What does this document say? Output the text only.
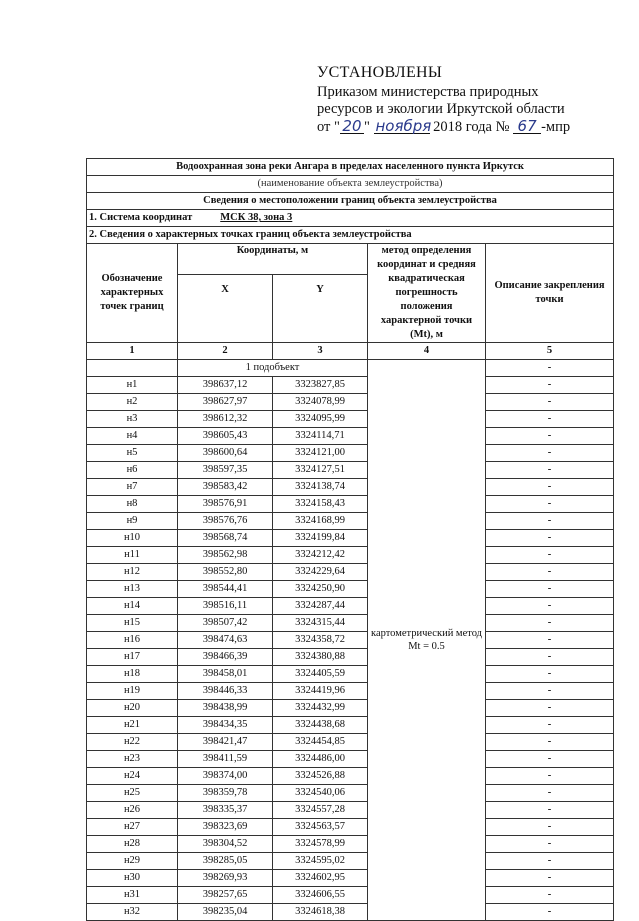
УСТАНОВЛЕНЫ
Приказом министерства природных
ресурсов и экологии Иркутской области
от " 20 " ноября 2018 года № 67 -мпр
Водоохранная зона реки Ангара в пределах населенного пункта Иркутск				
(наименование объекта землеустройства)				
Сведения о местоположении границ объекта землеустройства				
1. Система координат МСК 38, зона 3				
2. Сведения о характерных точках границ объекта землеустройства				
Обозначение характерных точек границ	Координаты, м		метод определения координат и средняя квадратическая погрешность положения характерной точки (Mt), м	Описание закрепления точки
	X	Y		
1	2	3	4	5
	1 подобъект		картометрический метод Mt = 0.5	-
н1	398637,12	3323827,85		-
н2	398627,97	3324078,99		-
н3	398612,32	3324095,99		-
н4	398605,43	3324114,71		-
н5	398600,64	3324121,00		-
н6	398597,35	3324127,51		-
н7	398583,42	3324138,74		-
н8	398576,91	3324158,43		-
н9	398576,76	3324168,99		-
н10	398568,74	3324199,84		-
н11	398562,98	3324212,42		-
н12	398552,80	3324229,64		-
н13	398544,41	3324250,90		-
н14	398516,11	3324287,44		-
н15	398507,42	3324315,44		-
н16	398474,63	3324358,72		-
н17	398466,39	3324380,88		-
н18	398458,01	3324405,59		-
н19	398446,33	3324419,96		-
н20	398438,99	3324432,99		-
н21	398434,35	3324438,68		-
н22	398421,47	3324454,85		-
н23	398411,59	3324486,00		-
н24	398374,00	3324526,88		-
н25	398359,78	3324540,06		-
н26	398335,37	3324557,28		-
н27	398323,69	3324563,57		-
н28	398304,52	3324578,99		-
н29	398285,05	3324595,02		-
н30	398269,93	3324602,95		-
н31	398257,65	3324606,55		-
н32	398235,04	3324618,38		-
